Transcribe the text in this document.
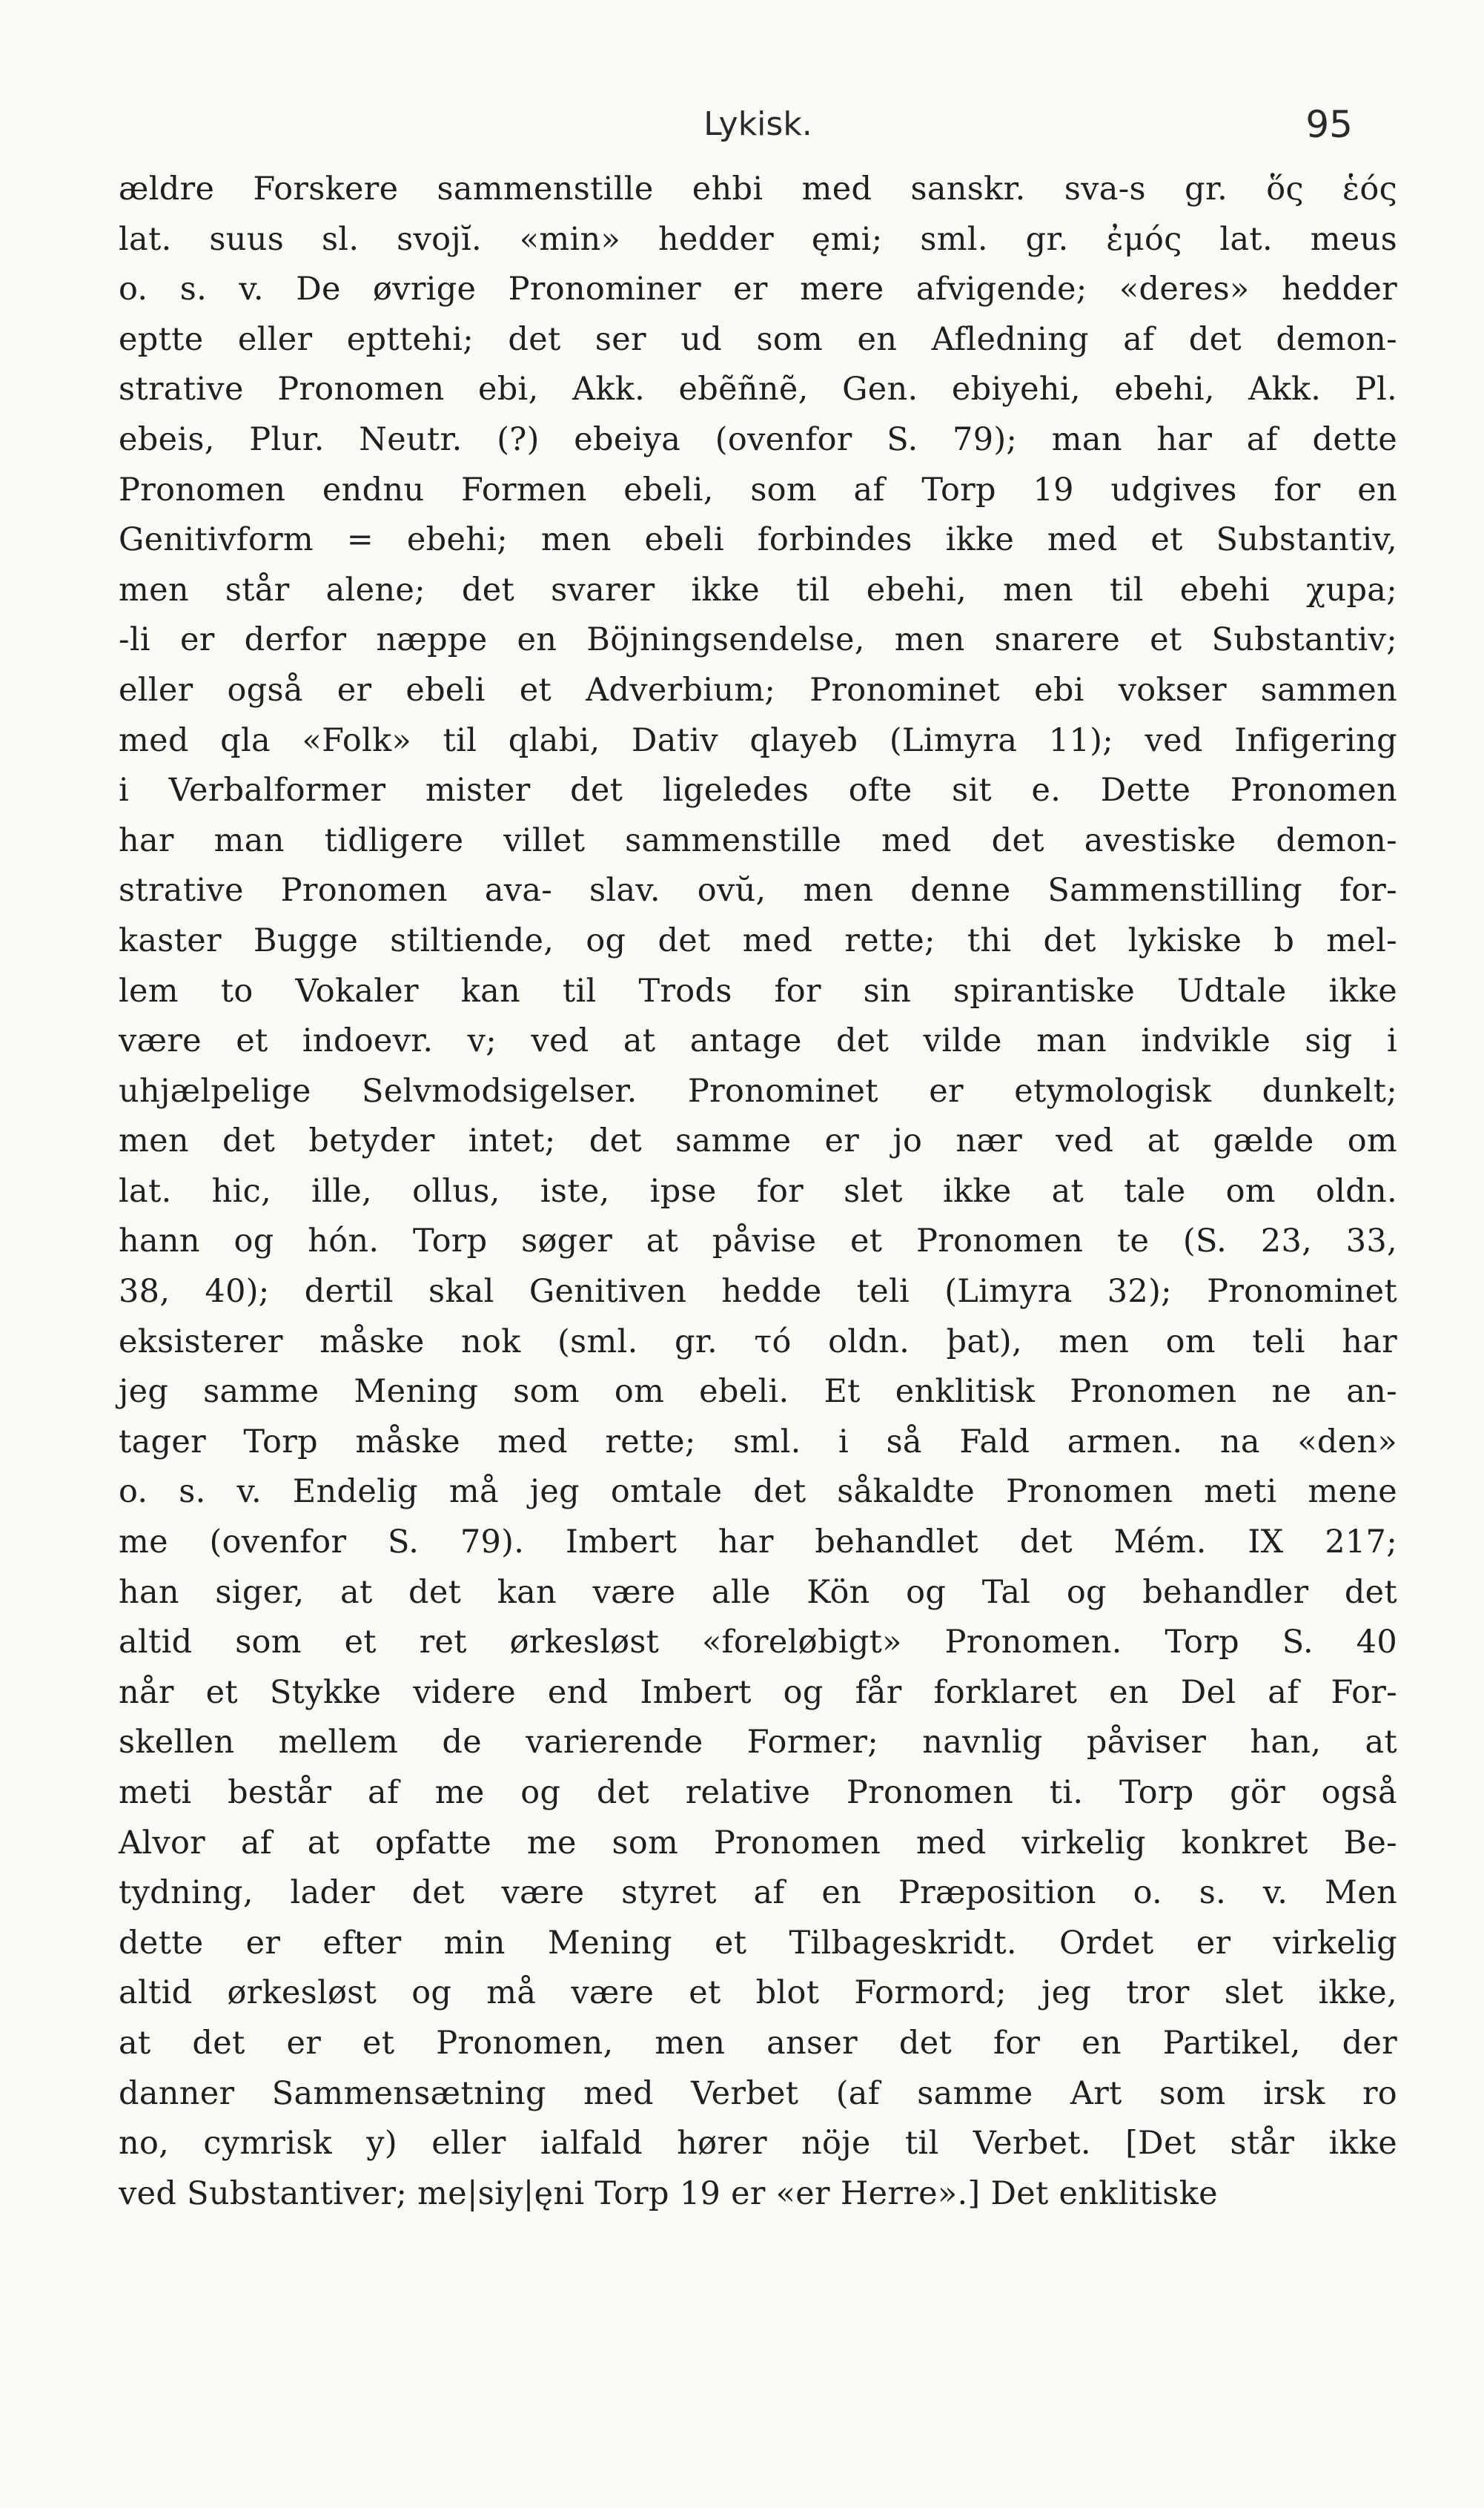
Lykisk.	95
ældre Forskere sammenstille ehbi med sanskr. sva-s gr. ὅς ἑός
lat. suus sl. svojĭ. «min» hedder ęmi; sml. gr. ἐμός lat. meus
o. s. v. De øvrige Pronominer er mere afvigende; «deres» hedder
eptte eller epttehi; det ser ud som en Afledning af det demon-
strative Pronomen ebi, Akk. ebẽñnẽ, Gen. ebiyehi, ebehi, Akk. Pl.
ebeis, Plur. Neutr. (?) ebeiya (ovenfor S. 79); man har af dette
Pronomen endnu Formen ebeli, som af Torp 19 udgives for en
Genitivform = ebehi; men ebeli forbindes ikke med et Substantiv,
men står alene; det svarer ikke til ebehi, men til ebehi χupa;
-li er derfor næppe en Böjningsendelse, men snarere et Substantiv;
eller også er ebeli et Adverbium; Pronominet ebi vokser sammen
med qla «Folk» til qlabi, Dativ qlayeb (Limyra 11); ved Infigering
i Verbalformer mister det ligeledes ofte sit e. Dette Pronomen
har man tidligere villet sammenstille med det avestiske demon-
strative Pronomen ava- slav. ovŭ, men denne Sammenstilling for-
kaster Bugge stiltiende, og det med rette; thi det lykiske b mel-
lem to Vokaler kan til Trods for sin spirantiske Udtale ikke
være et indoevr. v; ved at antage det vilde man indvikle sig i
uhjælpelige Selvmodsigelser. Pronominet er etymologisk dunkelt;
men det betyder intet; det samme er jo nær ved at gælde om
lat. hic, ille, ollus, iste, ipse for slet ikke at tale om oldn.
hann og hón. Torp søger at påvise et Pronomen te (S. 23, 33,
38, 40); dertil skal Genitiven hedde teli (Limyra 32); Pronominet
eksisterer måske nok (sml. gr. τό oldn. þat), men om teli har
jeg samme Mening som om ebeli. Et enklitisk Pronomen ne an-
tager Torp måske med rette; sml. i så Fald armen. na «den»
o. s. v. Endelig må jeg omtale det såkaldte Pronomen meti mene
me (ovenfor S. 79). Imbert har behandlet det Mém. IX 217;
han siger, at det kan være alle Kön og Tal og behandler det
altid som et ret ørkesløst «foreløbigt» Pronomen. Torp S. 40
når et Stykke videre end Imbert og får forklaret en Del af For-
skellen mellem de varierende Former; navnlig påviser han, at
meti består af me og det relative Pronomen ti. Torp gör også
Alvor af at opfatte me som Pronomen med virkelig konkret Be-
tydning, lader det være styret af en Præposition o. s. v. Men
dette er efter min Mening et Tilbageskridt. Ordet er virkelig
altid ørkesløst og må være et blot Formord; jeg tror slet ikke,
at det er et Pronomen, men anser det for en Partikel, der
danner Sammensætning med Verbet (af samme Art som irsk ro
no, cymrisk y) eller ialfald hører nöje til Verbet. [Det står ikke
ved Substantiver; me|siy|ęni Torp 19 er «er Herre».] Det enklitiske
